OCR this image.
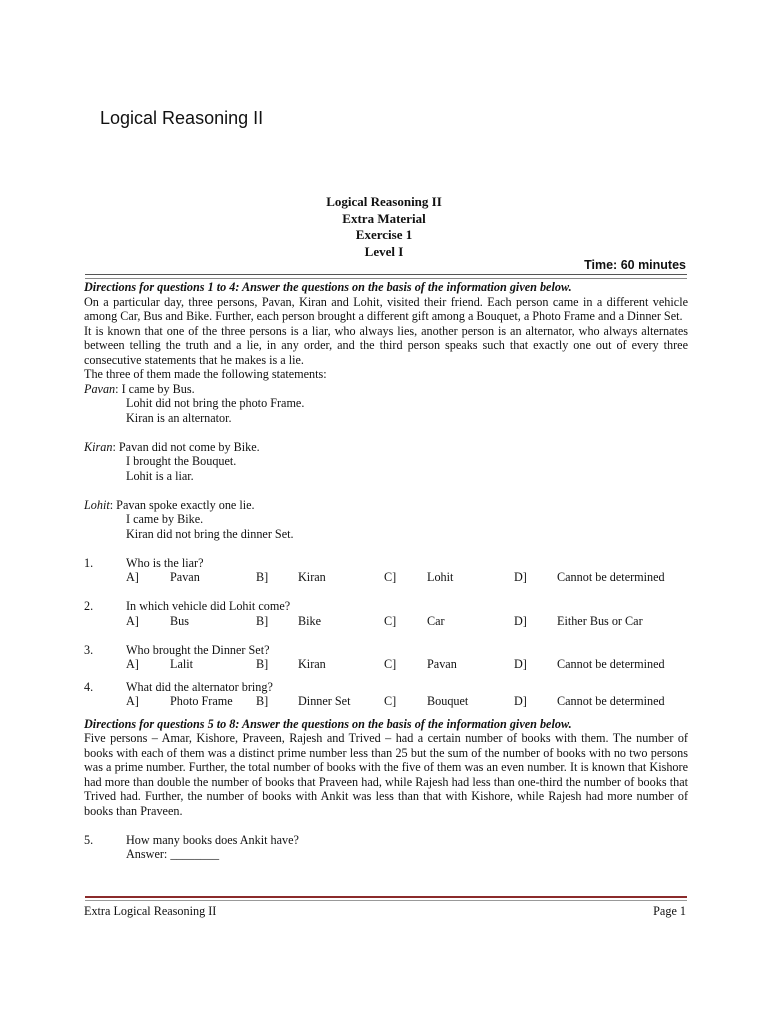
Logical Reasoning II
Logical Reasoning II
Extra Material
Exercise 1
Level I
Time: 60 minutes

Directions for questions 1 to 4: Answer the questions on the basis of the information given below.

On a particular day, three persons, Pavan, Kiran and Lohit, visited their friend. Each person came in a different vehicle among Car, Bus and Bike. Further, each person brought a different gift among a Bouquet, a Photo Frame and a Dinner Set.

It is known that one of the three persons is a liar, who always lies, another person is an alternator, who always alternates between telling the truth and a lie, in any order, and the third person speaks such that exactly one out of every three consecutive statements that he makes is a lie.

The three of them made the following statements:

Pavan: I came by Bus.

Lohit did not bring the photo Frame.

Kiran is an alternator.

Kiran: Pavan did not come by Bike.

I brought the Bouquet.

Lohit is a liar.

Lohit: Pavan spoke exactly one lie.

I came by Bike.

Kiran did not bring the dinner Set.

1.	Who is the liar?
A]	Pavan	B] Kiran	C]	Lohit	D] Cannot be determined
2.	In which vehicle did Lohit come?
A]	Bus	B] Bike	C]	Car	D] Either Bus or Car
3.	Who brought the Dinner Set?
A]	Lalit	B] Kiran	C]	Pavan	D] Cannot be determined
4.	What did the alternator bring?
A]	Photo Frame B] Dinner Set	C]	Bouquet	D] Cannot be determined

Directions for questions 5 to 8: Answer the questions on the basis of the information given below.

Five persons – Amar, Kishore, Praveen, Rajesh and Trived – had a certain number of books with them. The number of books with each of them was a distinct prime number less than 25 but the sum of the number of books with no two persons was a prime number. Further, the total number of books with the five of them was an even number. It is known that Kishore had more than double the number of books that Praveen had, while Rajesh had less than one-third the number of books that Trived had. Further, the number of books with Ankit was less than that with Kishore, while Rajesh had more number of books than Praveen.

5.	How many books does Ankit have?
Answer: ________
Extra Logical Reasoning II	Page 1
